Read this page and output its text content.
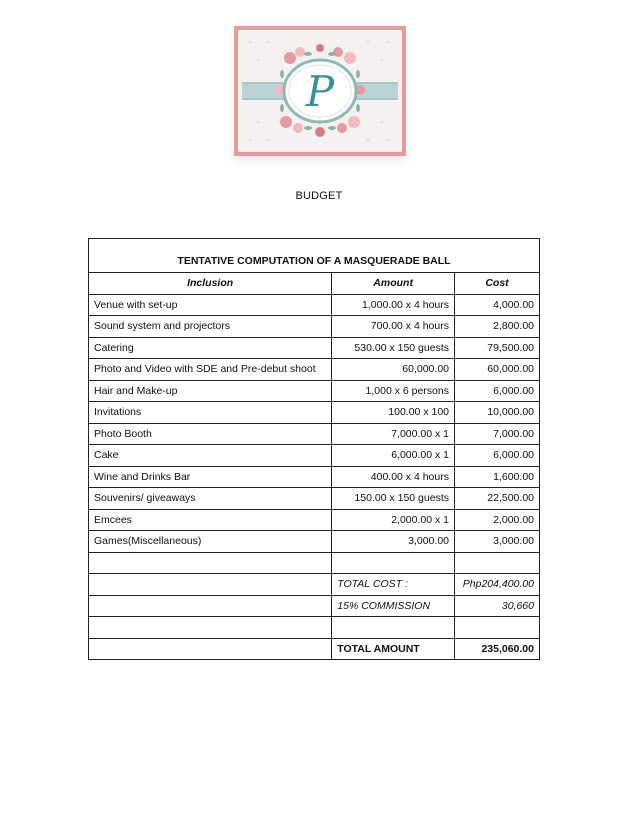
P
BUDGET
TENTATIVE COMPUTATION OF A MASQUERADE BALL		
Inclusion	Amount	Cost
Venue with set-up	1,000.00 x 4 hours	4,000.00
Sound system and projectors	700.00 x 4 hours	2,800.00
Catering	530.00 x 150 guests	79,500.00
Photo and Video with SDE and Pre-debut shoot	60,000.00	60,000.00
Hair and Make-up	1,000 x 6 persons	6,000.00
Invitations	100.00 x 100	10,000.00
Photo Booth	7,000.00 x 1	7,000.00
Cake	6,000.00 x 1	6,000.00
Wine and Drinks Bar	400.00 x 4 hours	1,600.00
Souvenirs/ giveaways	150.00 x 150 guests	22,500.00
Emcees	2,000.00 x 1	2,000.00
Games(Miscellaneous)	3,000.00	3,000.00

	TOTAL COST :	Php204,400.00
	15% COMMISSION	30,660

	TOTAL AMOUNT	235,060.00
